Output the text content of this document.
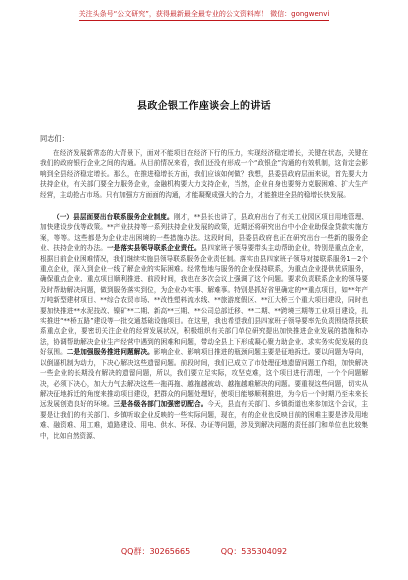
关注头条号“公文研究”，获得最新最全最专业的公文资料库！ 微信：gongwenvi
县政企银工作座谈会上的讲话
同志们：
在经济发展新常态的大背景下，面对不能项目在经济下行的压力，实现经济稳定增长，关键在状态，关键在我们的政府银行企业之间的沟通。从目前情况来看，我们还没有形成一个“政银企”沟通的有效机制，这肯定会影响到全县经济稳定增长。那么，在推进稳增长方面，我们应该如何做？我想，县委县政府层面来说，首先要大力扶持企业，有关部门要全力服务企业，金融机构要大力支持企业，当然，企业自身也要努力克服困难、扩大生产经营，主动抢占市场。只有加强方方面面的沟通，才能凝聚成强大的合力，才能推进全县的稳增长快发展。
（一）县层面要出台联系服务企业制度。刚才，**县长也讲了，县政府出台了有关工业园区项目用地管理、加快建设步伐等政策。**产业扶持等一系列扶持企业发展的政策，近期还将研究出台中小企业助保金贷款实施方案，等等。这些都是为企业走出困境的一些措施办法。这段时间，县委县政府也正在研究出台一些新的服务企业、扶持企业的办法。一是落实县领导联系企业责任。县四家班子领导要带头主动帮助企业，特别是重点企业，根据目前企业困难情况，我们继续实施县领导联系服务企业责任制。落实由县四家班子领导对接联系服务1－2个重点企业，深入到企业一线了解企业的实际困难。经常性地与服务的企业保持联系，为重点企业提供优质服务，确保重点企业、重点项目顺利推进、前段时间，我也在多次会议上强调了这个问题。要求负责联系企业的领导要及时帮助解决问题，做到服务落实到位，为企业办实事、解难事。特别是抓好省里确定的**重点项目，如**年产万吨新型建材项目、**综合农贸市场、**改性塑料流水线、**旅游度假区、**江大桥三个重大项目建设，同时也要加快推进**水泥技改、镍矿**二期、新高**三期、**公司总部迁移、**二期、**跨境三期等工业项目建设，扎实推进“**桥五路”建设等一批交通基础设施项目。在这里，我也希望我们县四家班子领导要率先负责围绕帮扶联系重点企业，要密切关注企业的经营发展状况，积极组织有关部门单位研究提出加快推进企业发展的措施和办法，协调帮助解决企业生产经营中遇到的困难和问题，带动全县上下形成凝心聚力助企业、求实务实促发展的良好氛围。二是加强服务推进问题解决。影响企业、影响项目推进的瓶颈问题主要是征地拆迁。要以问题为导向，以倒逼机制为动力，下决心解决这些遗留问题。前段时间，我们已成立了市处理征地遗留问题工作组，加快解决一些企业的长期没有解决的遗留问题，所以，我们要立足实际，攻坚克难，这个项目进行清理，一个个问题解决，必须下决心，加大力气去解决这些一拖再拖、越拖越被动、越拖越难解决的问题。要重视这些问题，切实从解决征地拆迁的角度来推动项目建设，把群众的问题处理好，使项目能够顺利推进，为今后一个时期乃至未来长远发展创造良好的环境。三是各级各部门加强密切配合。今天，县直有关部门、乡镇街道也来参加这个会议，主要是让我们的有关部门、乡镇听取企业反映的一些实际问题，现在，有的企业也反映目前的困难主要是涉及用地难、融资难、用工难，道路建设、用电、供水、环保、办证等问题，涉及到解决问题的责任部门和单位也比较集中，比如自然资源、
QQ群：30265665	QQ：535304092
